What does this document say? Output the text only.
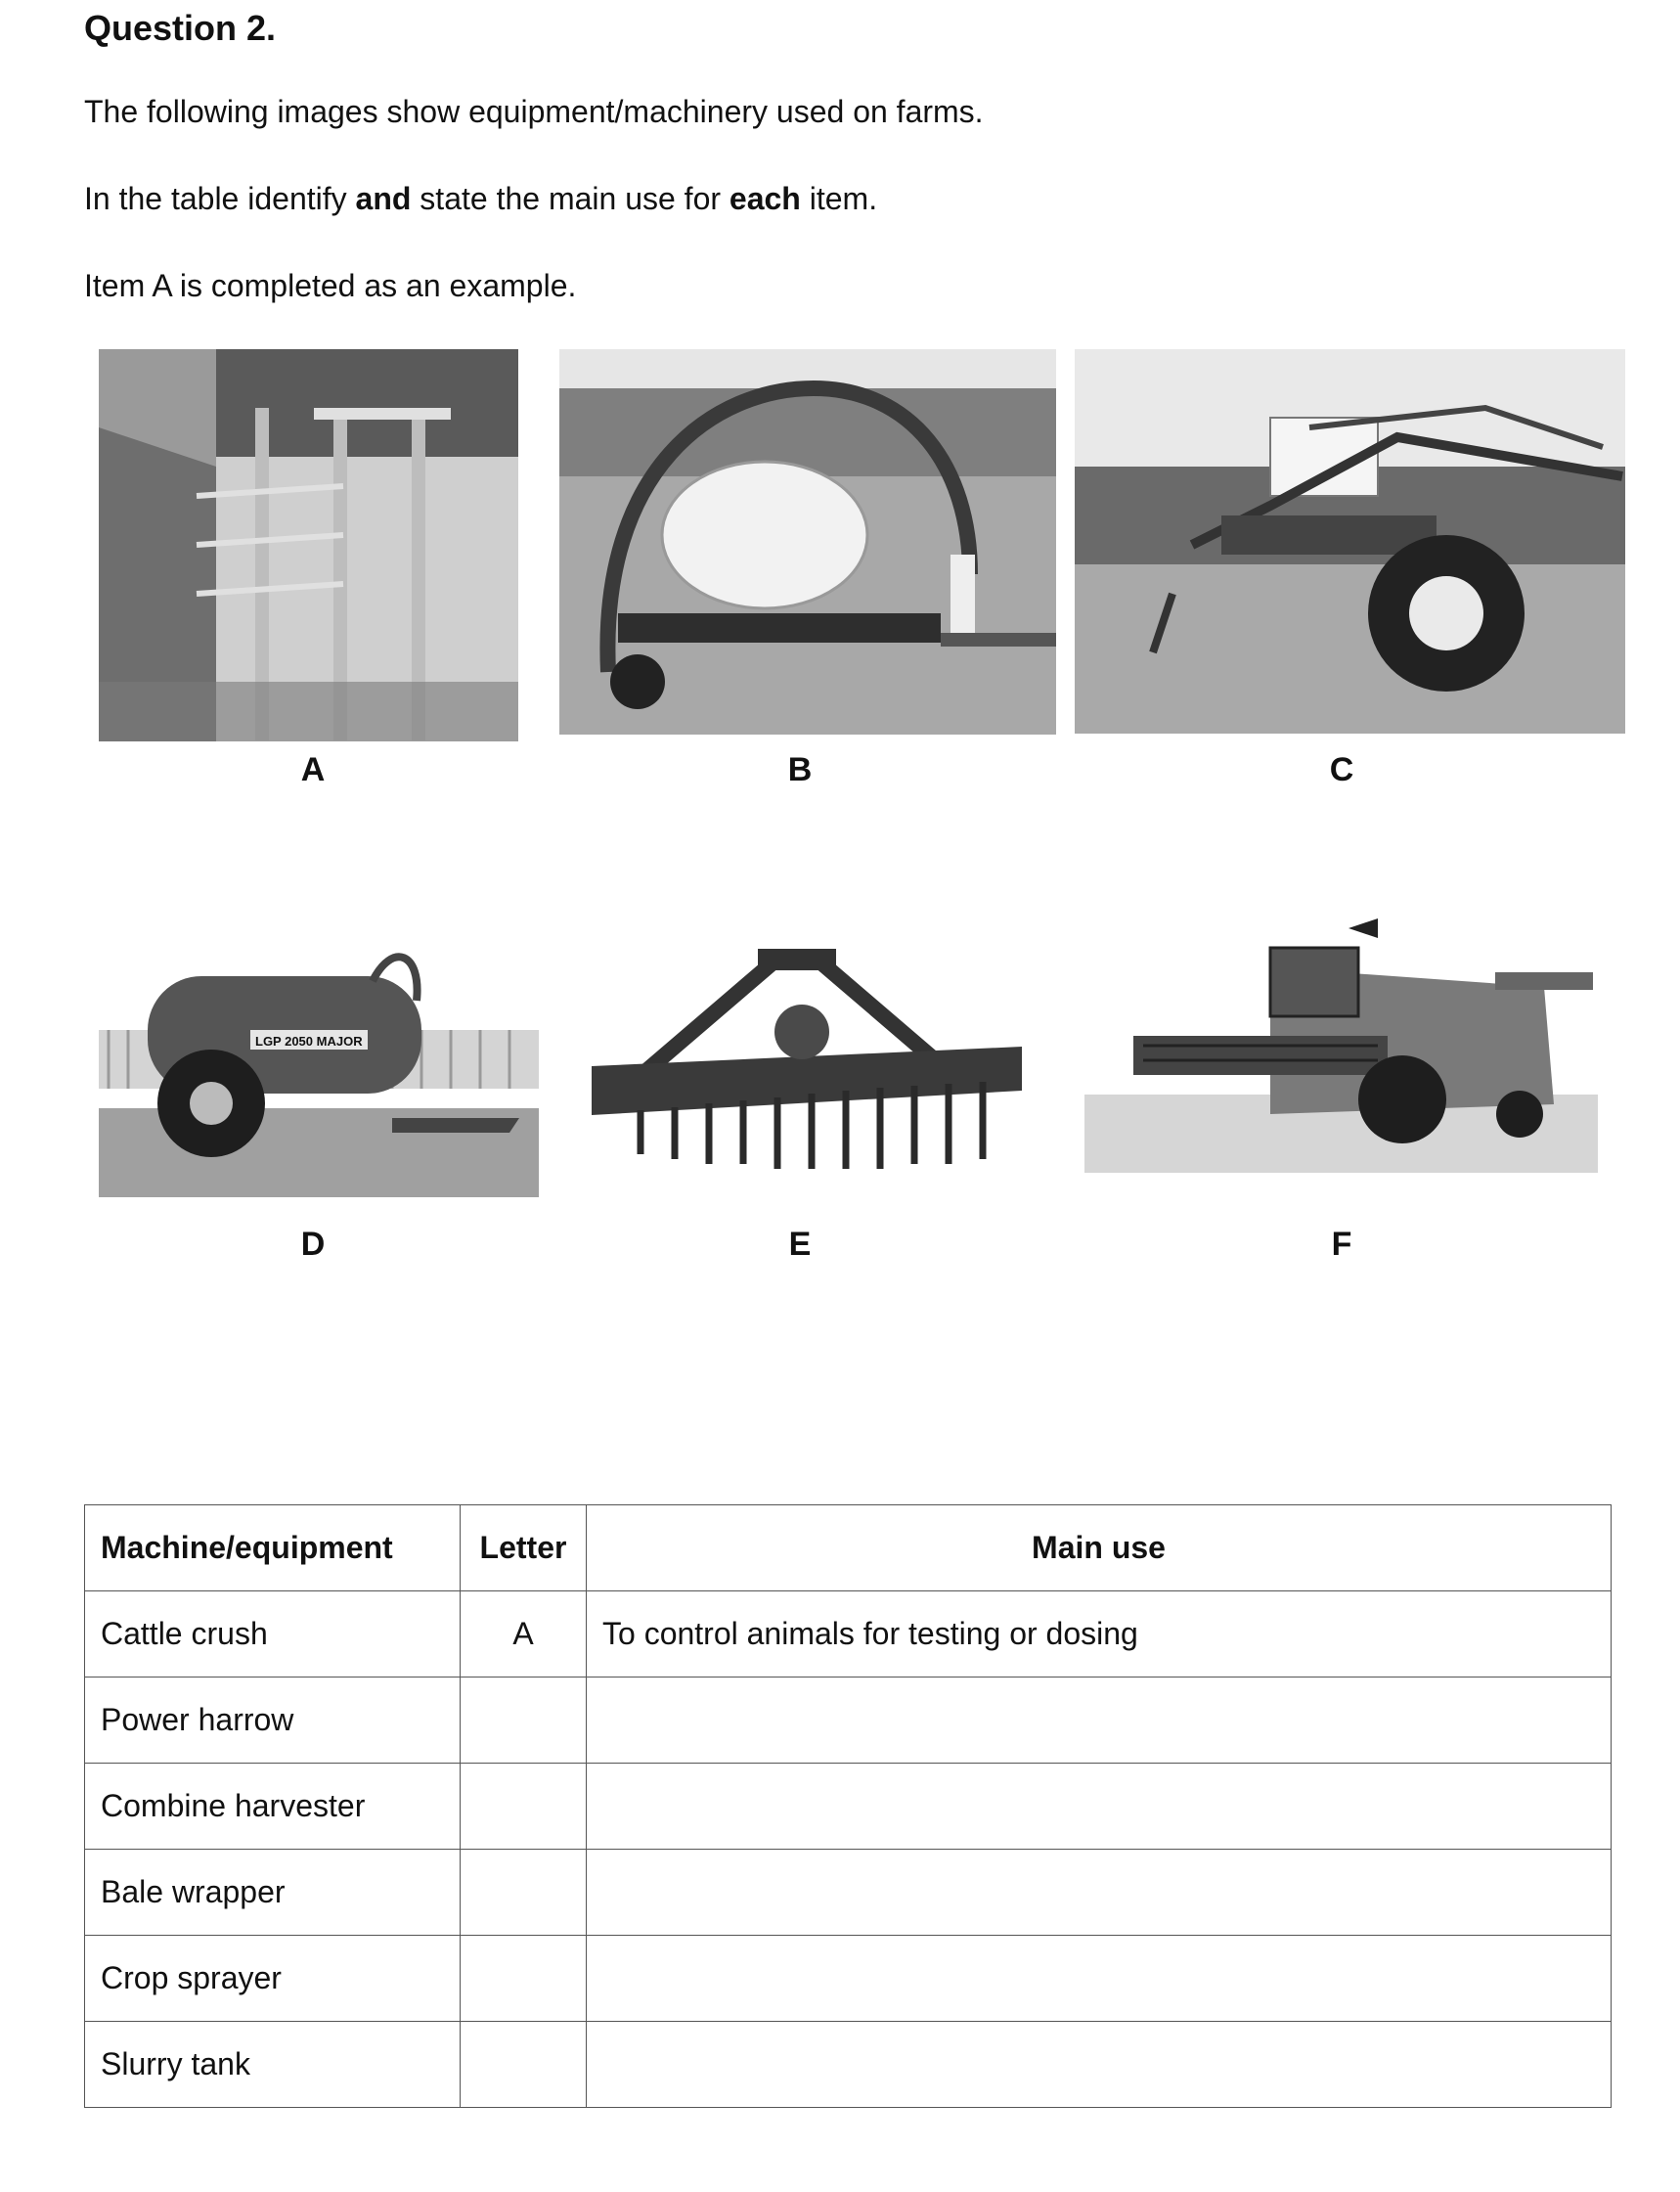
Question 2.
The following images show equipment/machinery used on farms.
In the table identify and state the main use for each item.
Item A is completed as an example.
A	B	C
LGP 2050 MAJOR
D	E	F
Machine/equipment	Letter	Main use
Cattle crush	A	To control animals for testing or dosing
Power harrow		
Combine harvester		
Bale wrapper		
Crop sprayer		
Slurry tank		
